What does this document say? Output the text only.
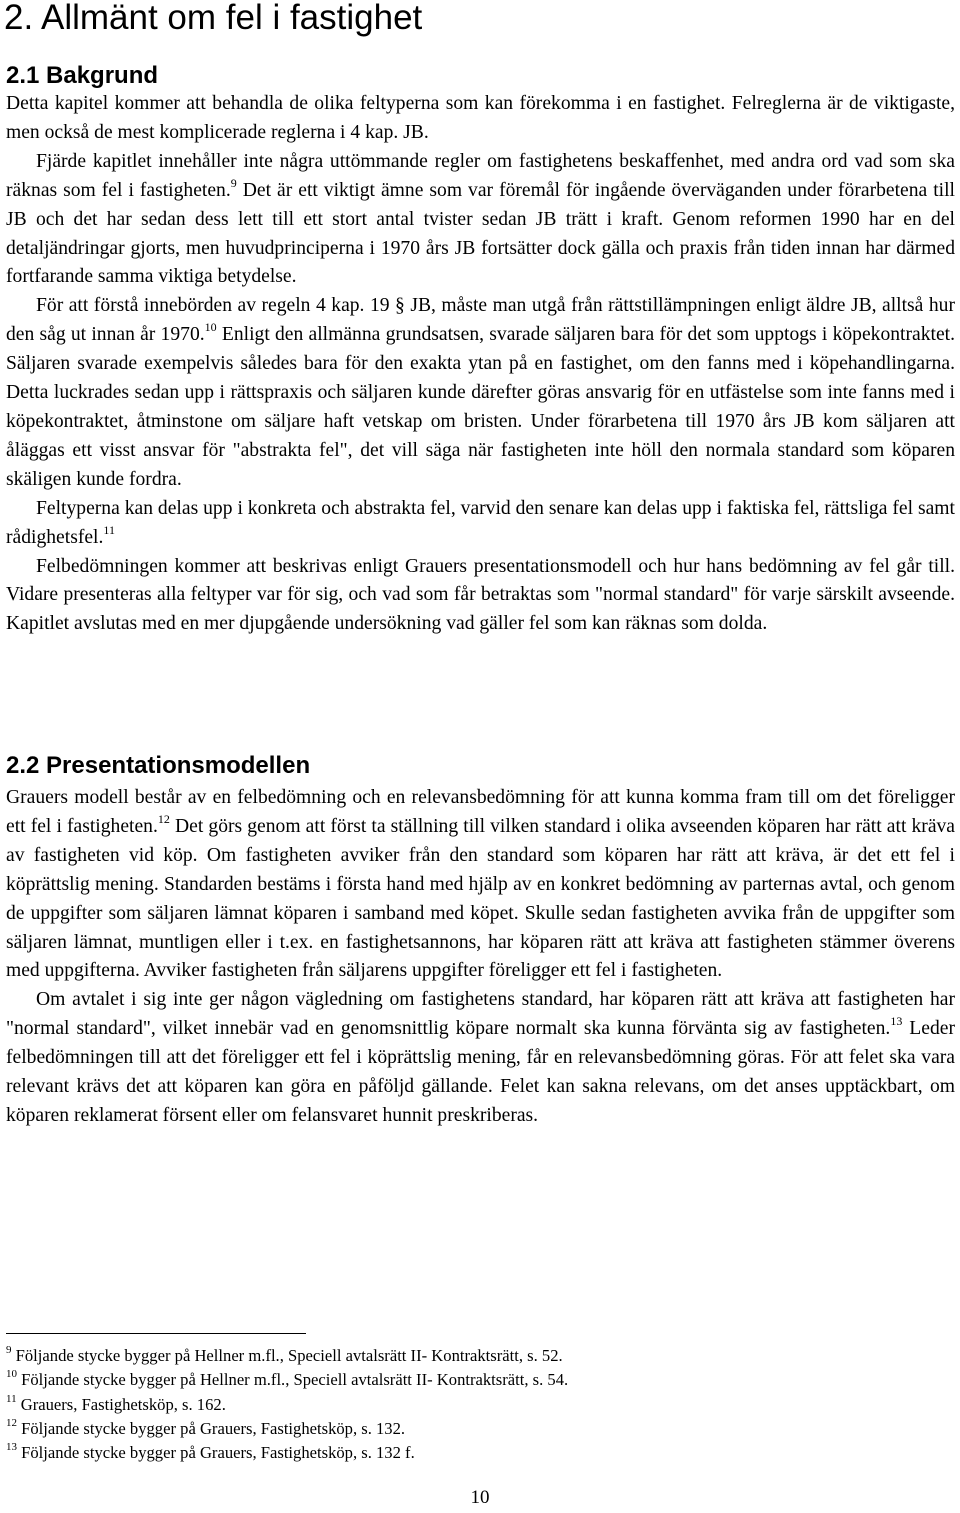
2. Allmänt om fel i fastighet
2.1 Bakgrund

Detta kapitel kommer att behandla de olika feltyperna som kan förekomma i en fastighet. Felreglerna är de viktigaste, men också de mest komplicerade reglerna i 4 kap. JB.

Fjärde kapitlet innehåller inte några uttömmande regler om fastighetens beskaffenhet, med andra ord vad som ska räknas som fel i fastigheten.$^9$ Det är ett viktigt ämne som var föremål för ingående överväganden under förarbetena till JB och det har sedan dess lett till ett stort antal tvister sedan JB trätt i kraft. Genom reformen 1990 har en del detaljändringar gjorts, men huvudprinciperna i 1970 års JB fortsätter dock gälla och praxis från tiden innan har därmed fortfarande samma viktiga betydelse.

För att förstå innebörden av regeln 4 kap. 19 § JB, måste man utgå från rättstillämpningen enligt äldre JB, alltså hur den såg ut innan år 1970.10 Enligt den allmänna grundsatsen, svarade säljaren bara för det som upptogs i köpekontraktet. Säljaren svarade exempelvis således bara för den exakta ytan på en fastighet, om den fanns med i köpehandlingarna. Detta luckrades sedan upp i rättspraxis och säljaren kunde därefter göras ansvarig för en utfästelse som inte fanns med i köpekontraktet, åtminstone om säljare haft vetskap om bristen. Under förarbetena till 1970 års JB kom säljaren att åläggas ett visst ansvar för "abstrakta fel", det vill säga när fastigheten inte höll den normala standard som köparen skäligen kunde fordra.

Feltyperna kan delas upp i konkreta och abstrakta fel, varvid den senare kan delas upp i faktiska fel, rättsliga fel samt rådighetsfel.$^{11}$

Felbedömningen kommer att beskrivas enligt Grauers presentationsmodell och hur hans bedömning av fel går till. Vidare presenteras alla feltyper var för sig, och vad som får betraktas som "normal standard" för varje särskilt avseende. Kapitlet avslutas med en mer djupgående undersökning vad gäller fel som kan räknas som dolda.

2.2 Presentationsmodellen

Grauers modell består av en felbedömning och en relevansbedömning för att kunna komma fram till om det föreligger ett fel i fastigheten.$^{12}$ Det görs genom att först ta ställning till vilken standard i olika avseenden köparen har rätt att kräva av fastigheten vid köp. Om fastigheten avviker från den standard som köparen har rätt att kräva, är det ett fel i köprättslig mening. Standarden bestäms i första hand med hjälp av en konkret bedömning av parternas avtal, och genom de uppgifter som säljaren lämnat köparen i samband med köpet. Skulle sedan fastigheten avvika från de uppgifter som säljaren lämnat, muntligen eller i t.ex. en fastighetsannons, har köparen rätt att kräva att fastigheten stämmer överens med uppgifterna. Avviker fastigheten från säljarens uppgifter föreligger ett fel i fastigheten.

Om avtalet i sig inte ger någon vägledning om fastighetens standard, har köparen rätt att kräva att fastigheten har "normal standard", vilket innebär vad en genomsnittlig köpare normalt ska kunna förvänta sig av fastigheten.$^{13}$ Leder felbedömningen till att det föreligger ett fel i köprättslig mening, får en relevansbedömning göras. För att felet ska vara relevant krävs det att köparen kan göra en påföljd gällande. Felet kan sakna relevans, om det anses upptäckbart, om köparen reklamerat försent eller om felansvaret hunnit preskriberas.

$^9$ Följande stycke bygger på Hellner m.fl., Speciell avtalsrätt II- Kontraktsrätt, s. 52.

$^{10}$ Följande stycke bygger på Hellner m.fl., Speciell avtalsrätt II- Kontraktsrätt, s. 54.

$^{11}$ Grauers, Fastighetsköp, s. 162.

$^{12}$ Följande stycke bygger på Grauers, Fastighetsköp, s. 132.

$^{13}$ Följande stycke bygger på Grauers, Fastighetsköp, s. 132 f.

10
